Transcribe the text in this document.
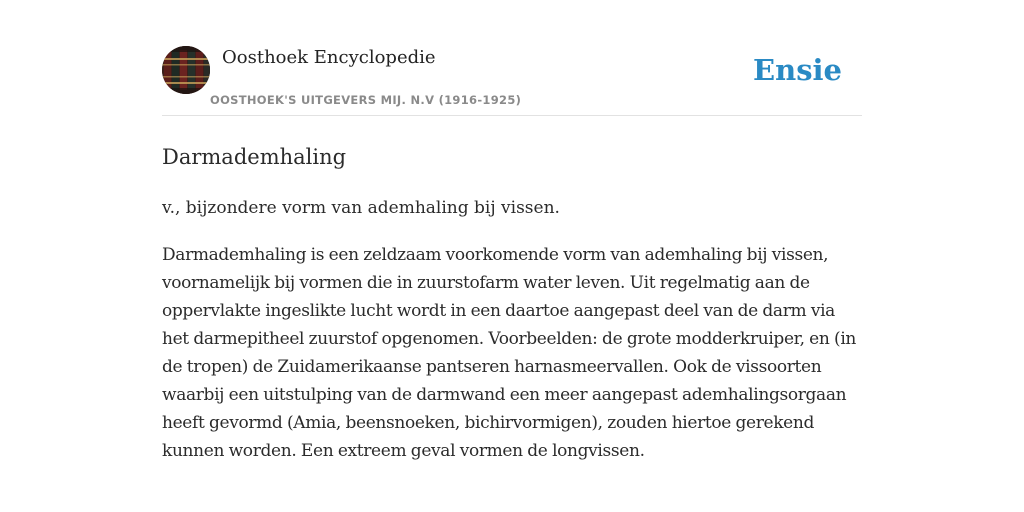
Oosthoek Encyclopedie
OOSTHOEK'S UITGEVERS MIJ. N.V (1916-1925)
Ensie
Darmademhaling

v., bijzondere vorm van ademhaling bij vissen.

Darmademhaling is een zeldzaam voorkomende vorm van ademhaling bij vissen, voornamelijk bij vormen die in zuurstofarm water leven. Uit regelmatig aan de oppervlakte ingeslikte lucht wordt in een daartoe aangepast deel van de darm via het darmepitheel zuurstof opgenomen. Voorbeelden: de grote modderkruiper, en (in de tropen) de Zuidamerikaanse pantseren harnasmeervallen. Ook de vissoorten waarbij een uitstulping van de darmwand een meer aangepast ademhalingsorgaan heeft gevormd (Amia, beensnoeken, bichirvormigen), zouden hiertoe gerekend kunnen worden. Een extreem geval vormen de longvissen.
